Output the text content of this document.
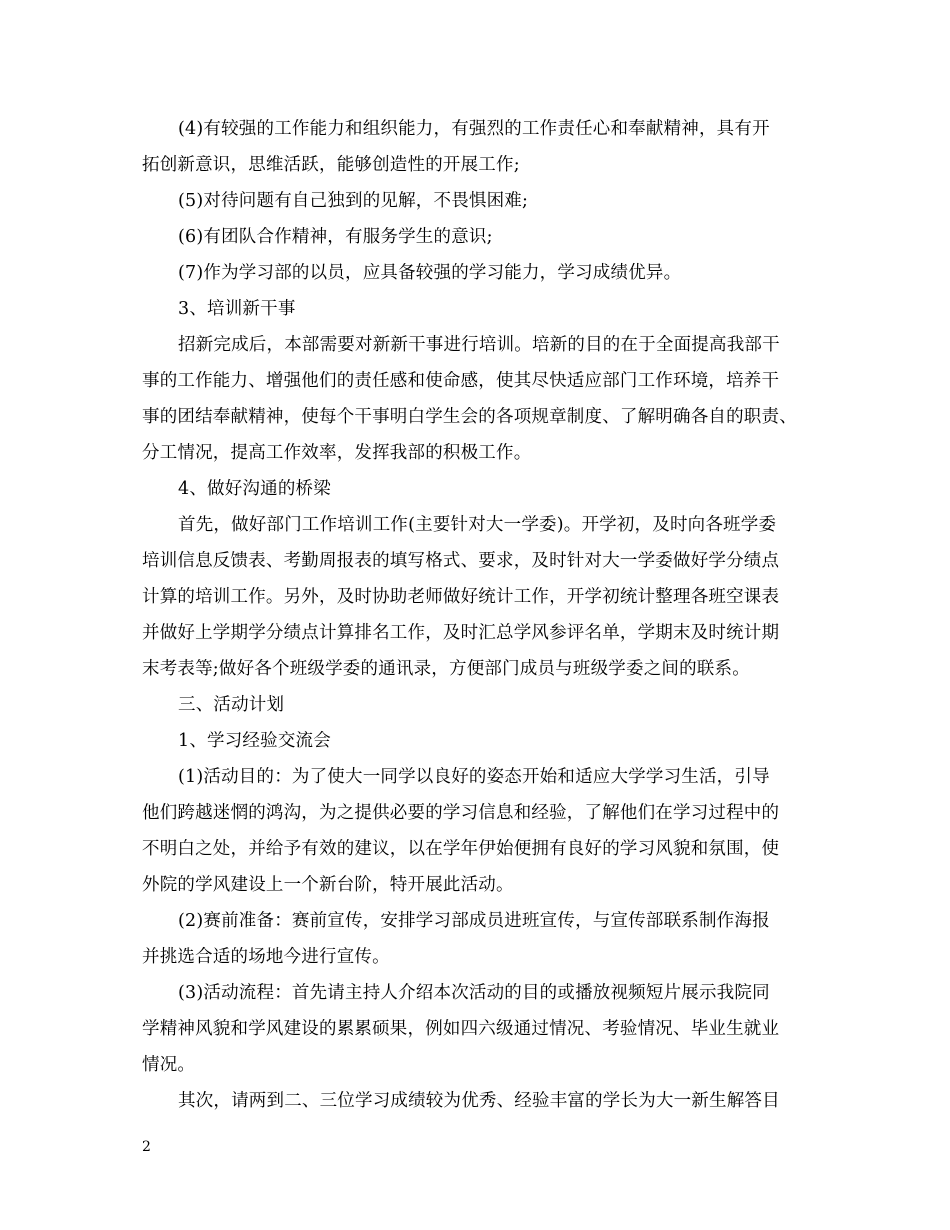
(4)有较强的工作能力和组织能力，有强烈的工作责任心和奉献精神，具有开
拓创新意识，思维活跃，能够创造性的开展工作;
(5)对待问题有自己独到的见解，不畏惧困难;
(6)有团队合作精神，有服务学生的意识;
(7)作为学习部的以员，应具备较强的学习能力，学习成绩优异。
3、培训新干事
招新完成后，本部需要对新新干事进行培训。培新的目的在于全面提高我部干
事的工作能力、增强他们的责任感和使命感，使其尽快适应部门工作环境，培养干
事的团结奉献精神，使每个干事明白学生会的各项规章制度、了解明确各自的职责、
分工情况，提高工作效率，发挥我部的积极工作。
4、做好沟通的桥梁
首先，做好部门工作培训工作(主要针对大一学委)。开学初，及时向各班学委
培训信息反馈表、考勤周报表的填写格式、要求，及时针对大一学委做好学分绩点
计算的培训工作。另外，及时协助老师做好统计工作，开学初统计整理各班空课表
并做好上学期学分绩点计算排名工作，及时汇总学风参评名单，学期末及时统计期
末考表等;做好各个班级学委的通讯录，方便部门成员与班级学委之间的联系。
三、活动计划
1、学习经验交流会
(1)活动目的：为了使大一同学以良好的姿态开始和适应大学学习生活，引导
他们跨越迷惘的鸿沟，为之提供必要的学习信息和经验，了解他们在学习过程中的
不明白之处，并给予有效的建议，以在学年伊始便拥有良好的学习风貌和氛围，使
外院的学风建设上一个新台阶，特开展此活动。
(2)赛前准备：赛前宣传，安排学习部成员进班宣传，与宣传部联系制作海报
并挑选合适的场地今进行宣传。
(3)活动流程：首先请主持人介绍本次活动的目的或播放视频短片展示我院同
学精神风貌和学风建设的累累硕果，例如四六级通过情况、考验情况、毕业生就业
情况。
其次，请两到二、三位学习成绩较为优秀、经验丰富的学长为大一新生解答目
2
